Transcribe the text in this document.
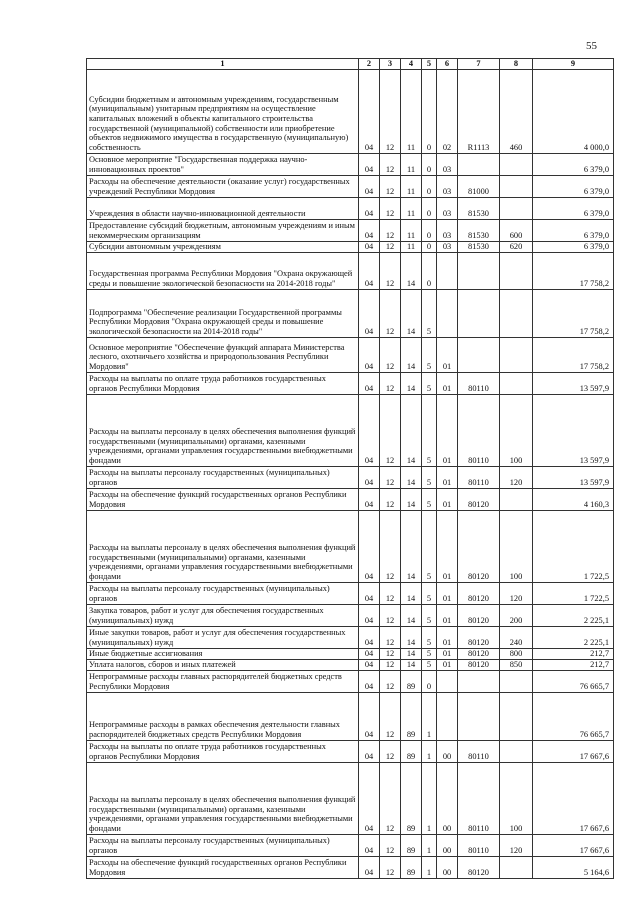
55
1	2	3	4	5	6	7	8	9
Субсидии бюджетным и автономным учреждениям, государственным (муниципальным) унитарным предприятиям на осуществление капитальных вложений в объекты капитального строительства государственной (муниципальной) собственности или приобретение объектов недвижимого имущества в государственную (муниципальную) собственность	04	12	11	0	02	R1113	460	4 000,0
Основное мероприятие "Государственная поддержка научно-инновационных проектов"	04	12	11	0	03			6 379,0
Расходы на обеспечение деятельности (оказание услуг) государственных учреждений Республики Мордовия	04	12	11	0	03	81000		6 379,0
Учреждения в области научно-инновационной деятельности	04	12	11	0	03	81530		6 379,0
Предоставление субсидий бюджетным, автономным учреждениям и иным некоммерческим организациям	04	12	11	0	03	81530	600	6 379,0
Субсидии автономным учреждениям	04	12	11	0	03	81530	620	6 379,0
Государственная программа Республики Мордовия "Охрана окружающей среды и повышение экологической безопасности на 2014-2018 годы"	04	12	14	0				17 758,2
Подпрограмма "Обеспечение реализации Государственной программы Республики Мордовия "Охрана окружающей среды и повышение экологической безопасности на 2014-2018 годы"	04	12	14	5				17 758,2
Основное мероприятие "Обеспечение функций аппарата Министерства лесного, охотничьего хозяйства и природопользования Республики Мордовия"	04	12	14	5	01			17 758,2
Расходы на выплаты по оплате труда работников государственных органов Республики Мордовия	04	12	14	5	01	80110		13 597,9
Расходы на выплаты персоналу в целях обеспечения выполнения функций государственными (муниципальными) органами, казенными учреждениями, органами управления государственными внебюджетными фондами	04	12	14	5	01	80110	100	13 597,9
Расходы на выплаты персоналу государственных (муниципальных) органов	04	12	14	5	01	80110	120	13 597,9
Расходы на обеспечение функций государственных органов Республики Мордовия	04	12	14	5	01	80120		4 160,3
Расходы на выплаты персоналу в целях обеспечения выполнения функций государственными (муниципальными) органами, казенными учреждениями, органами управления государственными внебюджетными фондами	04	12	14	5	01	80120	100	1 722,5
Расходы на выплаты персоналу государственных (муниципальных) органов	04	12	14	5	01	80120	120	1 722,5
Закупка товаров, работ и услуг для обеспечения государственных (муниципальных) нужд	04	12	14	5	01	80120	200	2 225,1
Иные закупки товаров, работ и услуг для обеспечения государственных (муниципальных) нужд	04	12	14	5	01	80120	240	2 225,1
Иные бюджетные ассигнования	04	12	14	5	01	80120	800	212,7
Уплата налогов, сборов и иных платежей	04	12	14	5	01	80120	850	212,7
Непрограммные расходы главных распорядителей бюджетных средств Республики Мордовия	04	12	89	0				76 665,7
Непрограммные расходы в рамках обеспечения деятельности главных распорядителей бюджетных средств Республики Мордовия	04	12	89	1				76 665,7
Расходы на выплаты по оплате труда работников государственных органов Республики Мордовия	04	12	89	1	00	80110		17 667,6
Расходы на выплаты персоналу в целях обеспечения выполнения функций государственными (муниципальными) органами, казенными учреждениями, органами управления государственными внебюджетными фондами	04	12	89	1	00	80110	100	17 667,6
Расходы на выплаты персоналу государственных (муниципальных) органов	04	12	89	1	00	80110	120	17 667,6
Расходы на обеспечение функций государственных органов Республики Мордовия	04	12	89	1	00	80120		5 164,6
